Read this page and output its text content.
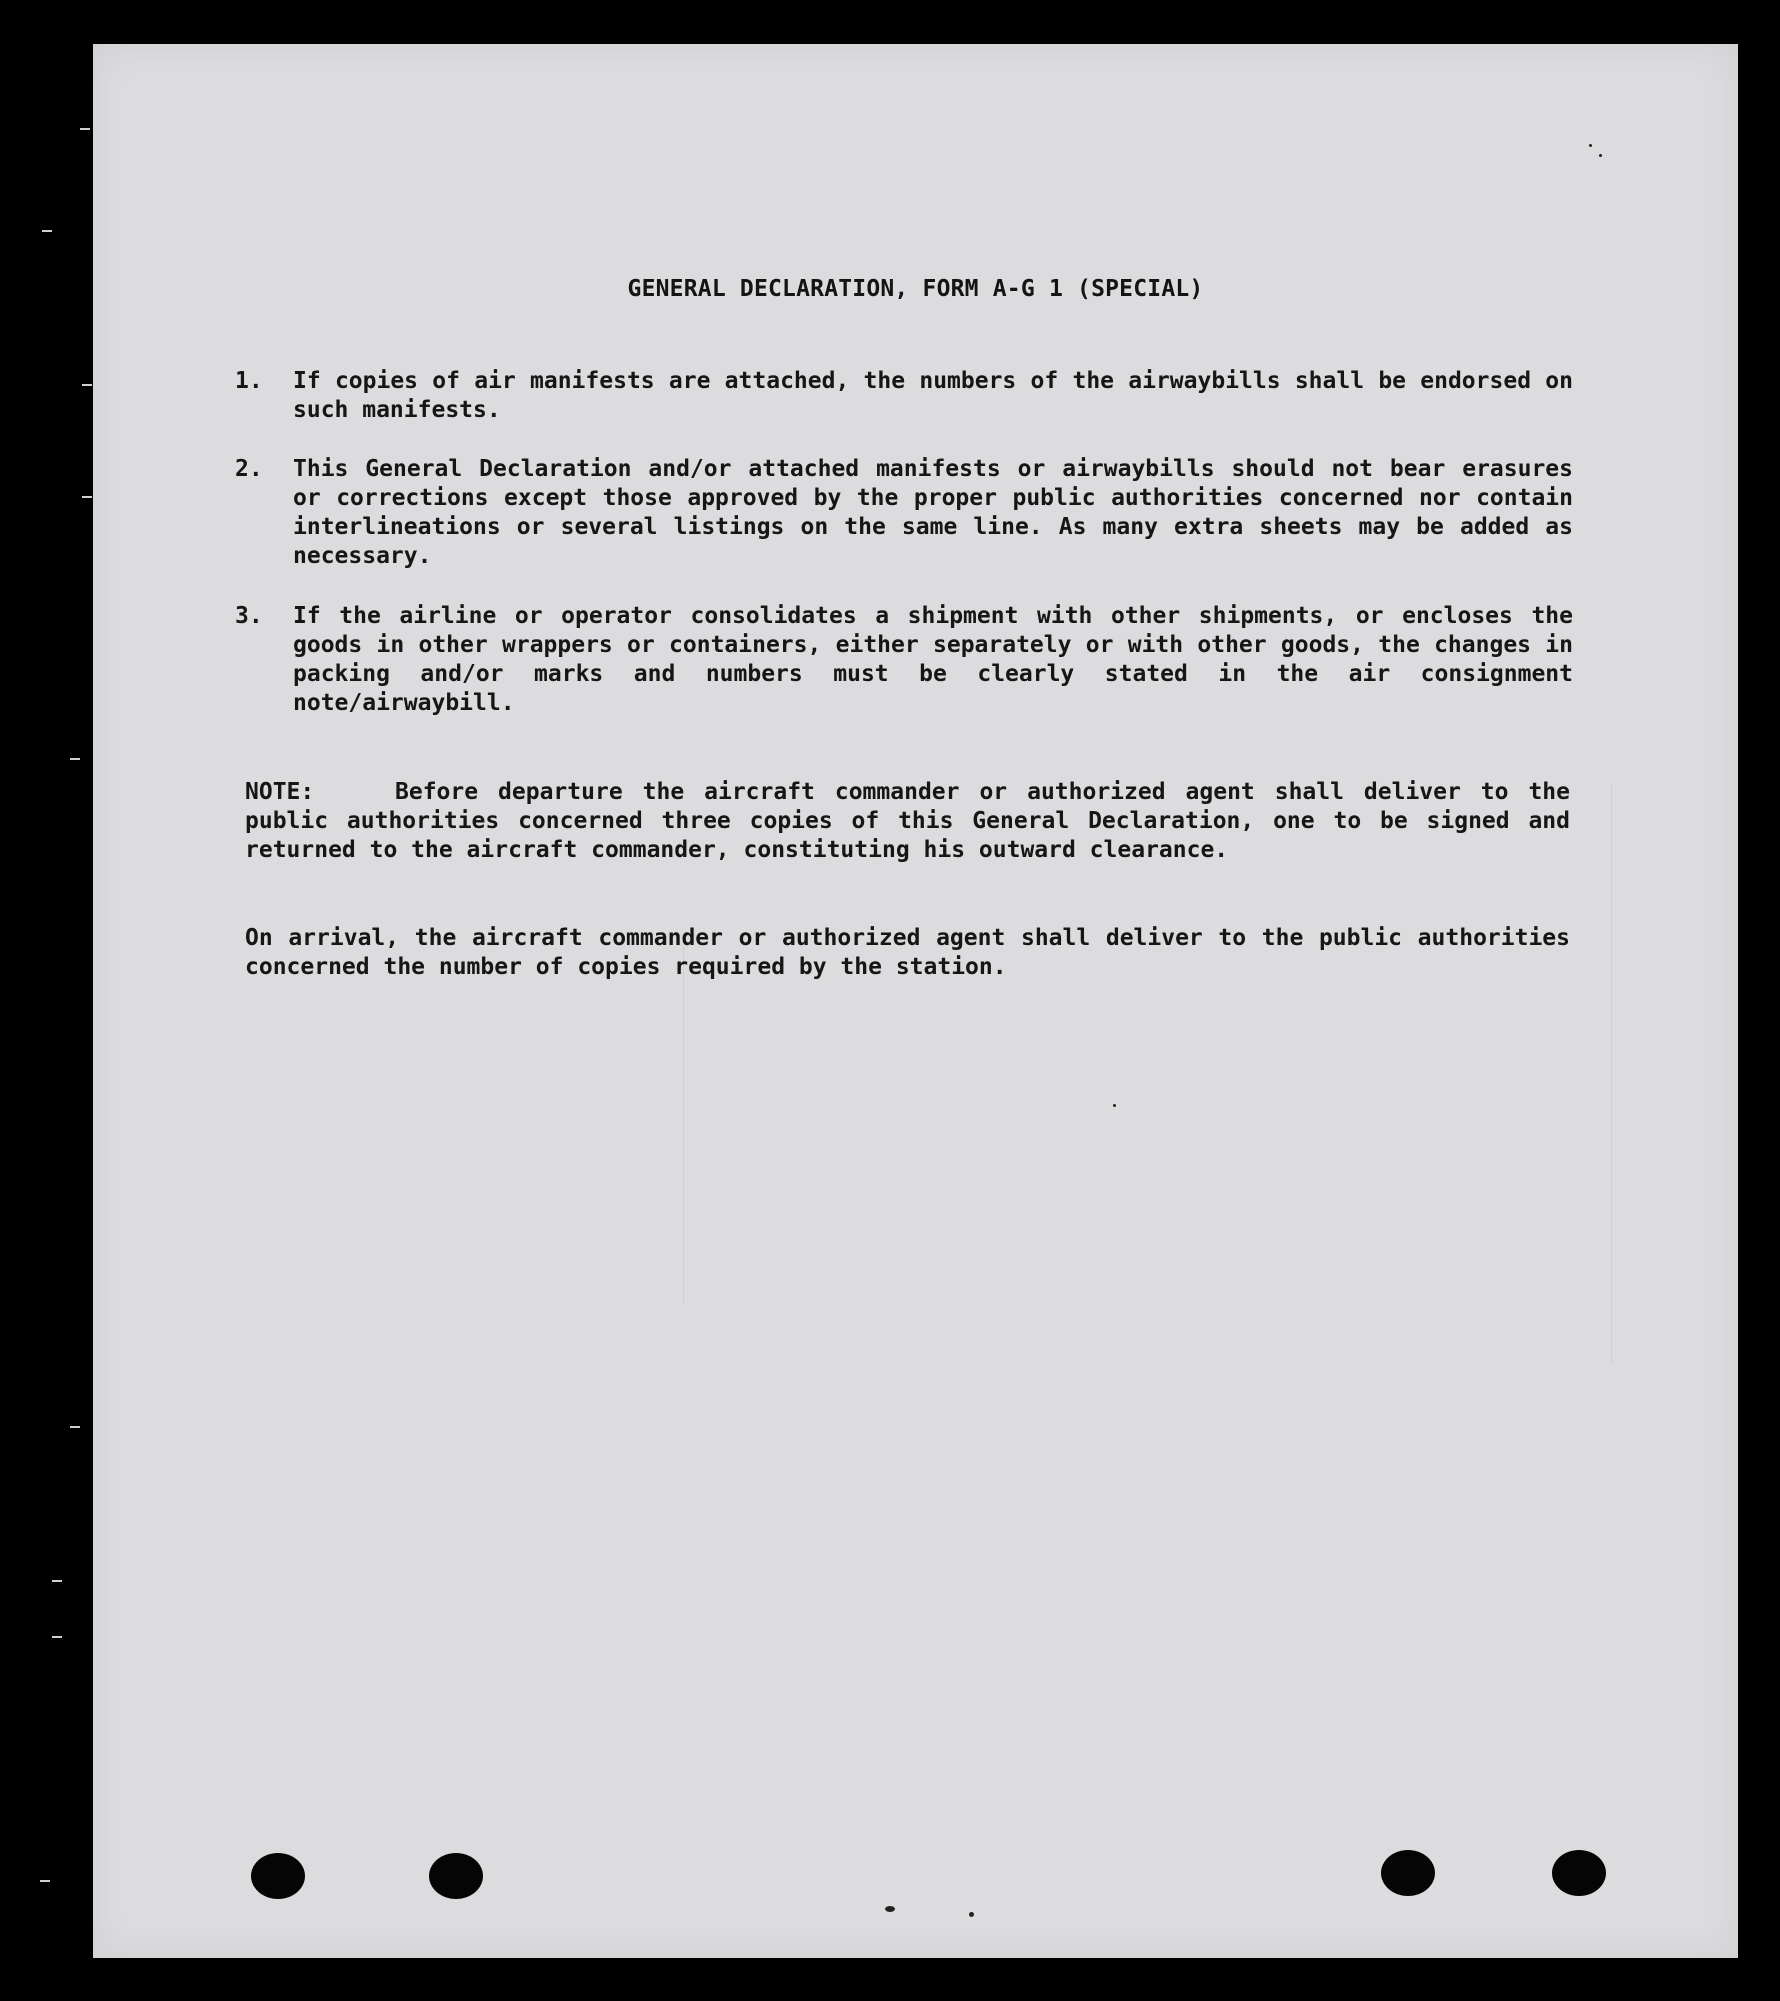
GENERAL DECLARATION, FORM A-G 1 (SPECIAL)
1.	If copies of air manifests are attached, the numbers of the airwaybills shall be endorsed on such manifests.

2.	This General Declaration and/or attached manifests or airwaybills should not bear erasures or corrections except those approved by the proper public authorities concerned nor contain interlineations or several listings on the same line. As many extra sheets may be added as necessary.

3.	If the airline or operator consolidates a shipment with other shipments, or encloses the goods in other wrappers or containers, either separately or with other goods, the changes in packing and/or marks and numbers must be clearly stated in the air consignment note/airwaybill.

NOTE:	Before departure the aircraft commander or authorized agent shall deliver to the public authorities concerned three copies of this General Declaration, one to be signed and returned to the aircraft commander, constituting his outward clearance.

On arrival, the aircraft commander or authorized agent shall deliver to the public authorities concerned the number of copies required by the station.
